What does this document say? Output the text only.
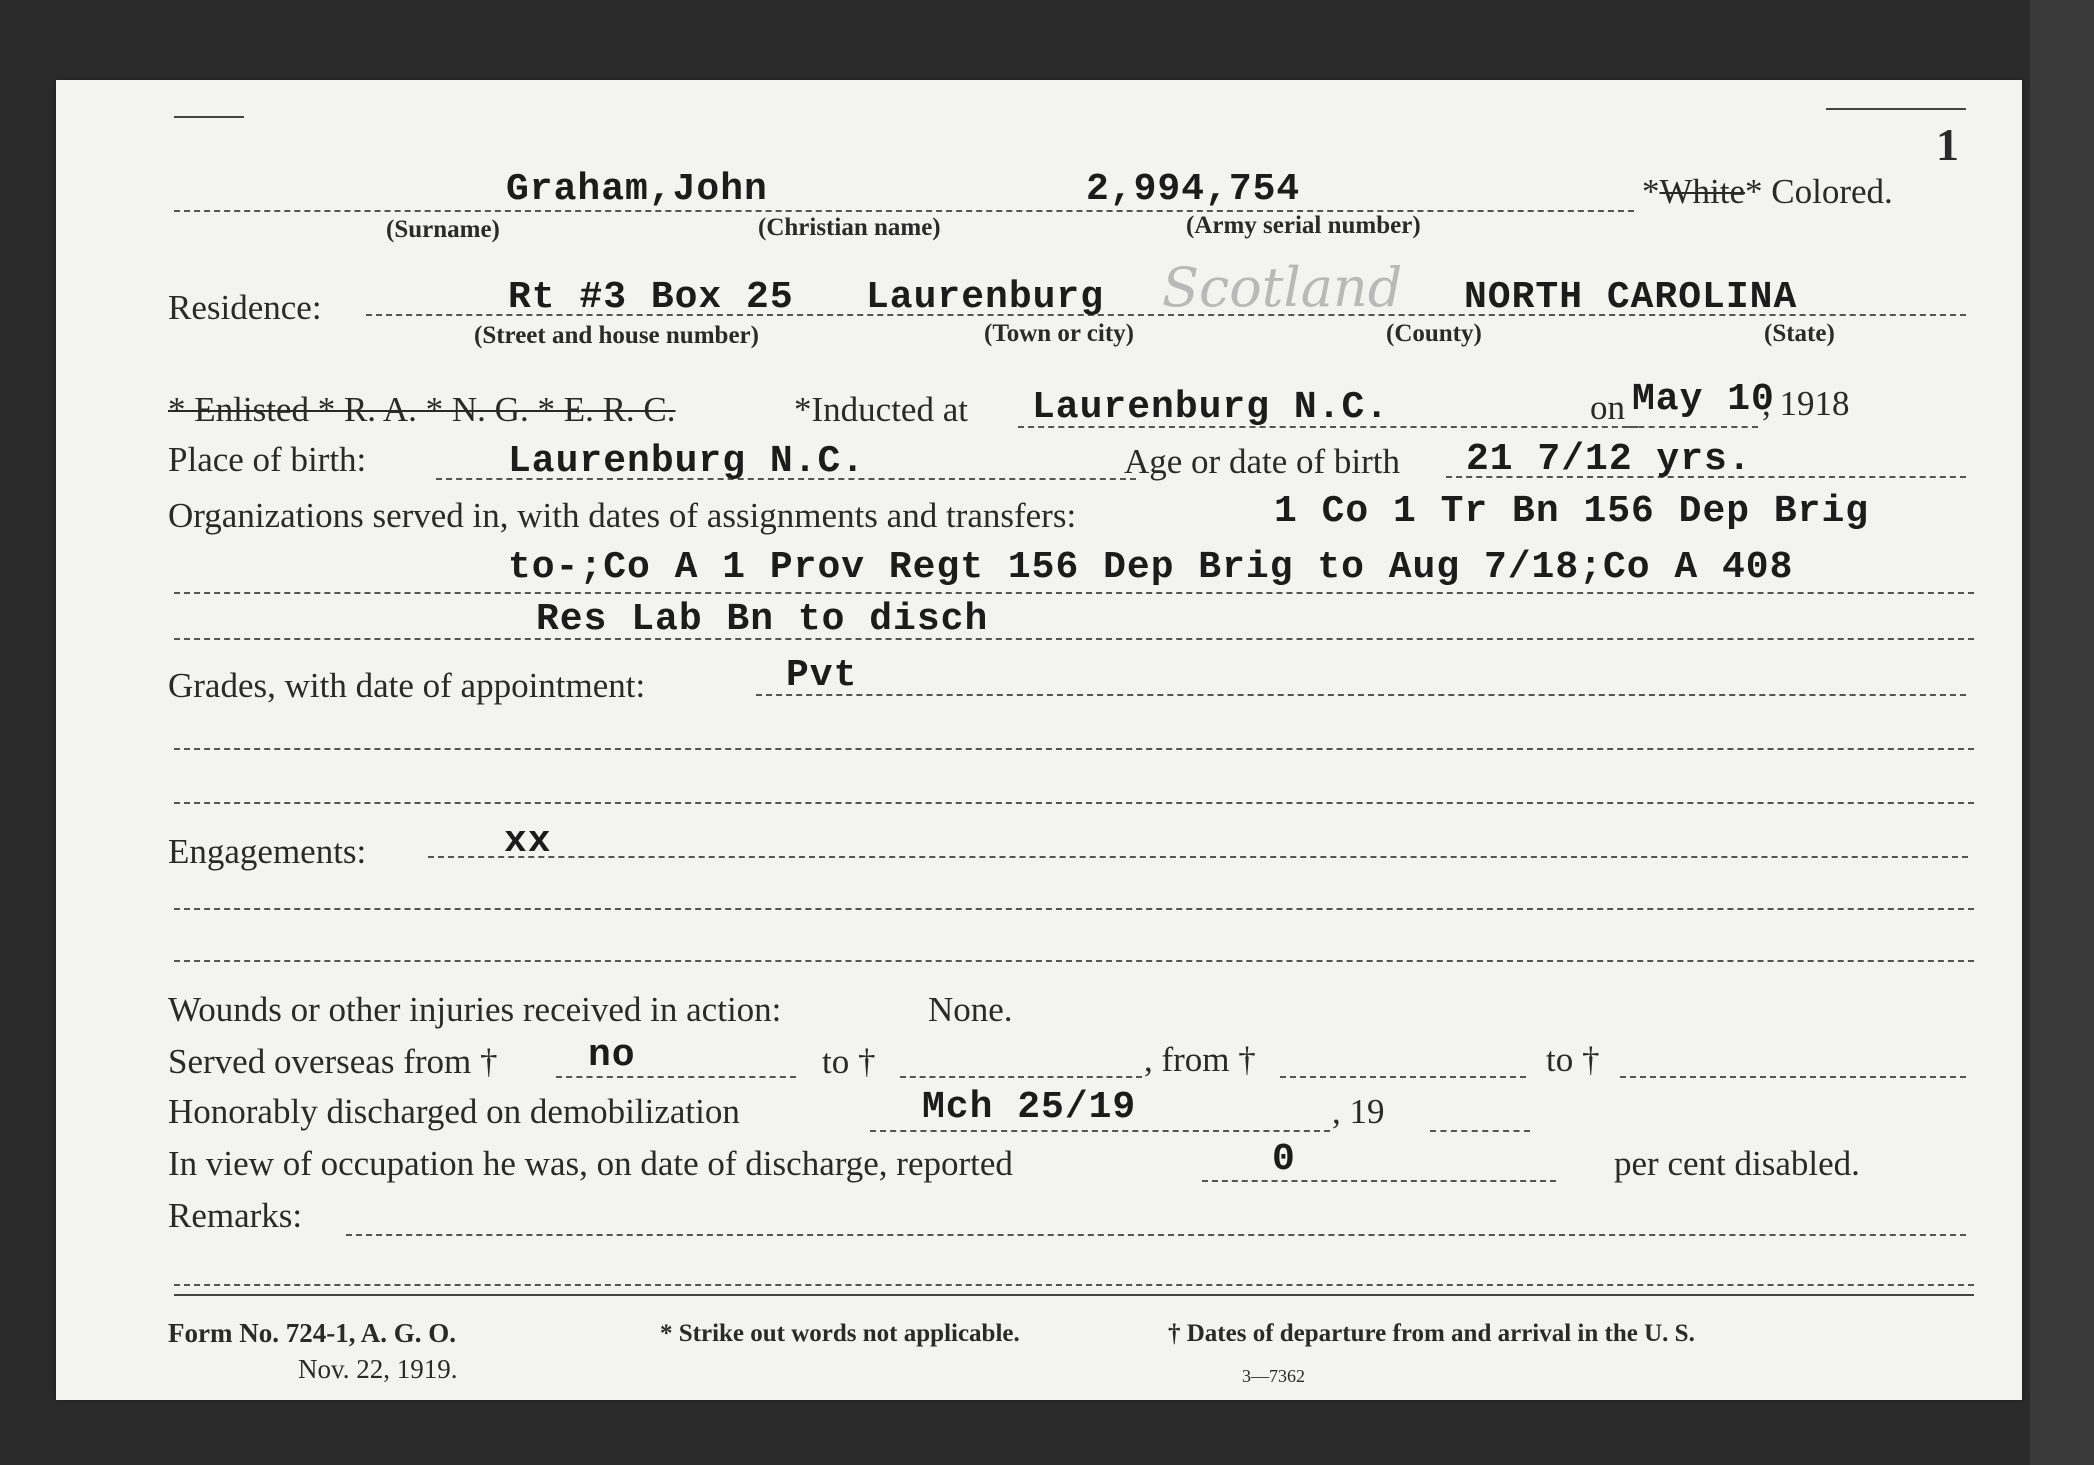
1
Graham,John	2,994,754	*White* Colored.
(Surname)	(Christian name)	(Army serial number)
Residence:	Rt #3 Box 25 Laurenburg Scotland NORTH CAROLINA
(Street and house number)	(Town or city)	(County)	(State)
* Enlisted * R. A. * N. G. * E. R. C.	*Inducted at Laurenburg N.C.	on May 10
, 1918
Place of birth:	Laurenburg N.C.	Age or date of birth 21 7/12 yrs.
Organizations served in, with dates of assignments and transfers:	1 Co 1 Tr Bn 156 Dep Brig
to-;Co A 1 Prov Regt 156 Dep Brig to Aug 7/18;Co A 408
Res Lab Bn to disch
Grades, with date of appointment:	Pvt
Engagements:	xx
Wounds or other injuries received in action:	None.
Served overseas from † no	to †	, from †	to †
Honorably discharged on demobilization	Mch 25/19	, 19
In view of occupation he was, on date of discharge, reported	0	per cent disabled.
Remarks:
Form No. 724-1, A. G. O.
Nov. 22, 1919.
* Strike out words not applicable.	† Dates of departure from and arrival in the U. S.
3—7362
